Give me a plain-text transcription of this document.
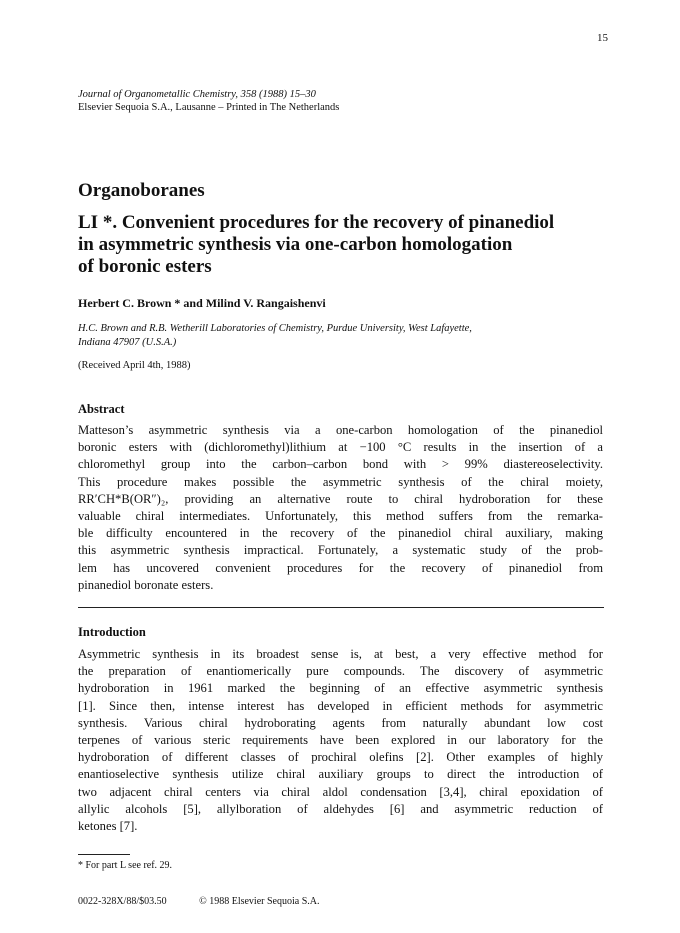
15
Journal of Organometallic Chemistry, 358 (1988) 15–30
Elsevier Sequoia S.A., Lausanne – Printed in The Netherlands
Organoboranes
LI *. Convenient procedures for the recovery of pinanediol
in asymmetric synthesis via one-carbon homologation
of boronic esters
Herbert C. Brown * and Milind V. Rangaishenvi
H.C. Brown and R.B. Wetherill Laboratories of Chemistry, Purdue University, West Lafayette,
Indiana 47907 (U.S.A.)
(Received April 4th, 1988)
Abstract
Matteson’s asymmetric synthesis via a one-carbon homologation of the pinanediol
boronic esters with (dichloromethyl)lithium at −100 °C results in the insertion of a
chloromethyl group into the carbon–carbon bond with > 99% diastereoselectivity.
This procedure makes possible the asymmetric synthesis of the chiral moiety,
RR′CH*B(OR″)₂, providing an alternative route to chiral hydroboration for these
valuable chiral intermediates. Unfortunately, this method suffers from the remarka-
ble difficulty encountered in the recovery of the pinanediol chiral auxiliary, making
this asymmetric synthesis impractical. Fortunately, a systematic study of the prob-
lem has uncovered convenient procedures for the recovery of pinanediol from
pinanediol boronate esters.
Introduction
Asymmetric synthesis in its broadest sense is, at best, a very effective method for
the preparation of enantiomerically pure compounds. The discovery of asymmetric
hydroboration in 1961 marked the beginning of an effective asymmetric synthesis
[1]. Since then, intense interest has developed in efficient methods for asymmetric
synthesis. Various chiral hydroborating agents from naturally abundant low cost
terpenes of various steric requirements have been explored in our laboratory for the
hydroboration of different classes of prochiral olefins [2]. Other examples of highly
enantioselective synthesis utilize chiral auxiliary groups to direct the introduction of
two adjacent chiral centers via chiral aldol condensation [3,4], chiral epoxidation of
allylic alcohols [5], allylboration of aldehydes [6] and asymmetric reduction of
ketones [7].
* For part L see ref. 29.
0022-328X/88/$03.50	© 1988 Elsevier Sequoia S.A.
